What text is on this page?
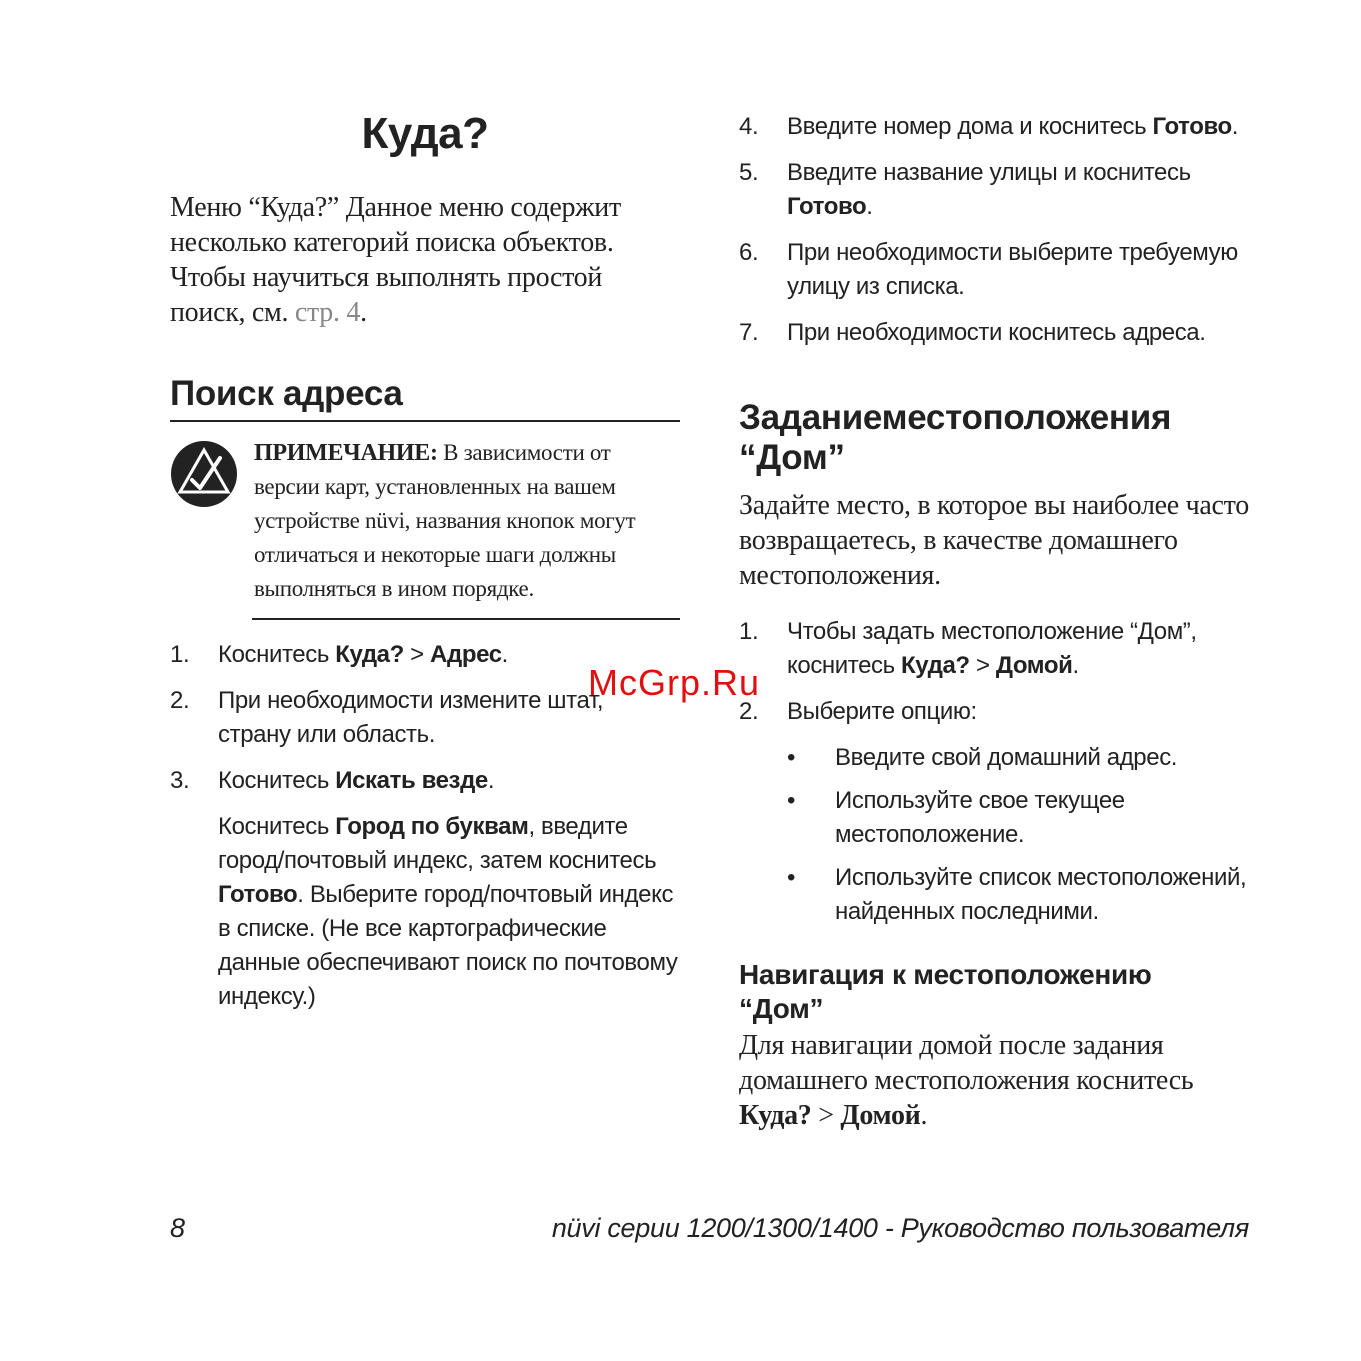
Куда?

Меню “Куда?” Данное меню содержит несколько категорий поиска объектов. Чтобы научиться выполнять простой поиск, см. стр. 4.

Поиск адреса
ПРИМЕЧАНИЕ: В зависимости от версии карт, установленных на вашем устройстве nüvi, названия кнопок могут отличаться и некоторые шаги должны выполняться в ином порядке.
1.	Коснитесь Куда? > Адрес.
2.	При необходимости измените штат, страну или область.
3.	Коснитесь Искать везде.
Коснитесь Город по буквам, введите город/почтовый индекс, затем коснитесь Готово. Выберите город/почтовый индекс в списке. (Не все картографические данные обеспечивают поиск по почтовому индексу.)
4.	Введите номер дома и коснитесь Готово.
5.	Введите название улицы и коснитесь
Готово.
6.	При необходимости выберите требуемую улицу из списка.
7.	При необходимости коснитесь адреса.
Заданиеместоположения
“Дом”

Задайте место, в которое вы наиболее часто возвращаетесь, в качестве домашнего местоположения.

1.	Чтобы задать местоположение “Дом”, коснитесь Куда? > Домой.
2.	Выберите опцию:
•	Введите свой домашний адрес.
•	Используйте свое текущее местоположение.
•	Используйте список местоположений, найденных последними.
Навигация к местоположению
“Дом”

Для навигации домой после задания домашнего местоположения коснитесь Куда? > Домой.

McGrp.Ru
8	nüvi серии 1200/1300/1400 - Руководство пользователя
